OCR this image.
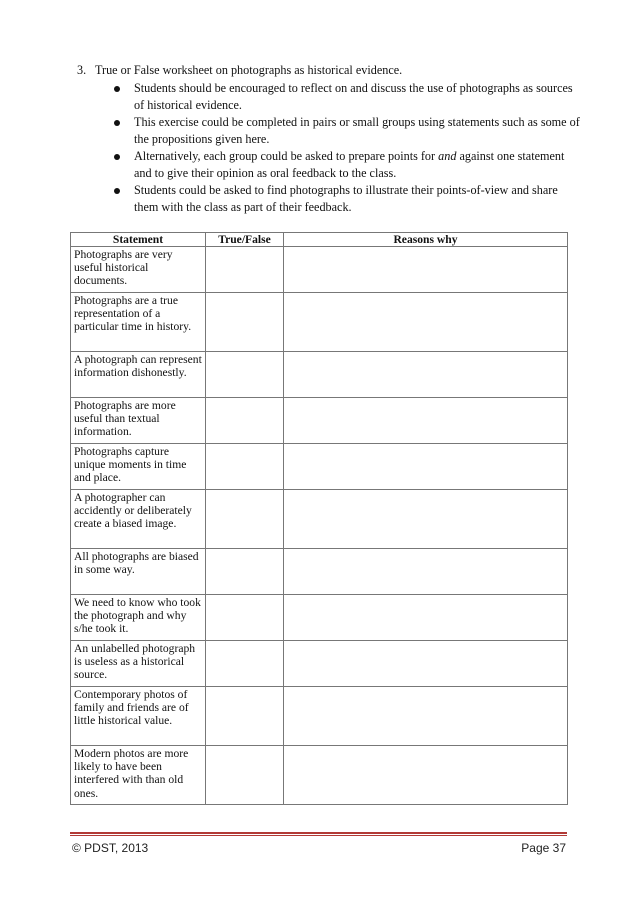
3. True or False worksheet on photographs as historical evidence.
Students should be encouraged to reflect on and discuss the use of photographs as sources of historical evidence.
This exercise could be completed in pairs or small groups using statements such as some of the propositions given here.
Alternatively, each group could be asked to prepare points for and against one statement and to give their opinion as oral feedback to the class.
Students could be asked to find photographs to illustrate their points-of-view and share them with the class as part of their feedback.
Statement	True/False	Reasons why
Photographs are very useful historical documents.		
Photographs are a true representation of a particular time in history.		
A photograph can represent information dishonestly.		
Photographs are more useful than textual information.		
Photographs capture unique moments in time and place.		
A photographer can accidently or deliberately create a biased image.		
All photographs are biased in some way.		
We need to know who took the photograph and why s/he took it.		
An unlabelled photograph is useless as a historical source.		
Contemporary photos of family and friends are of little historical value.		
Modern photos are more likely to have been interfered with than old ones.		
© PDST, 2013	Page 37
